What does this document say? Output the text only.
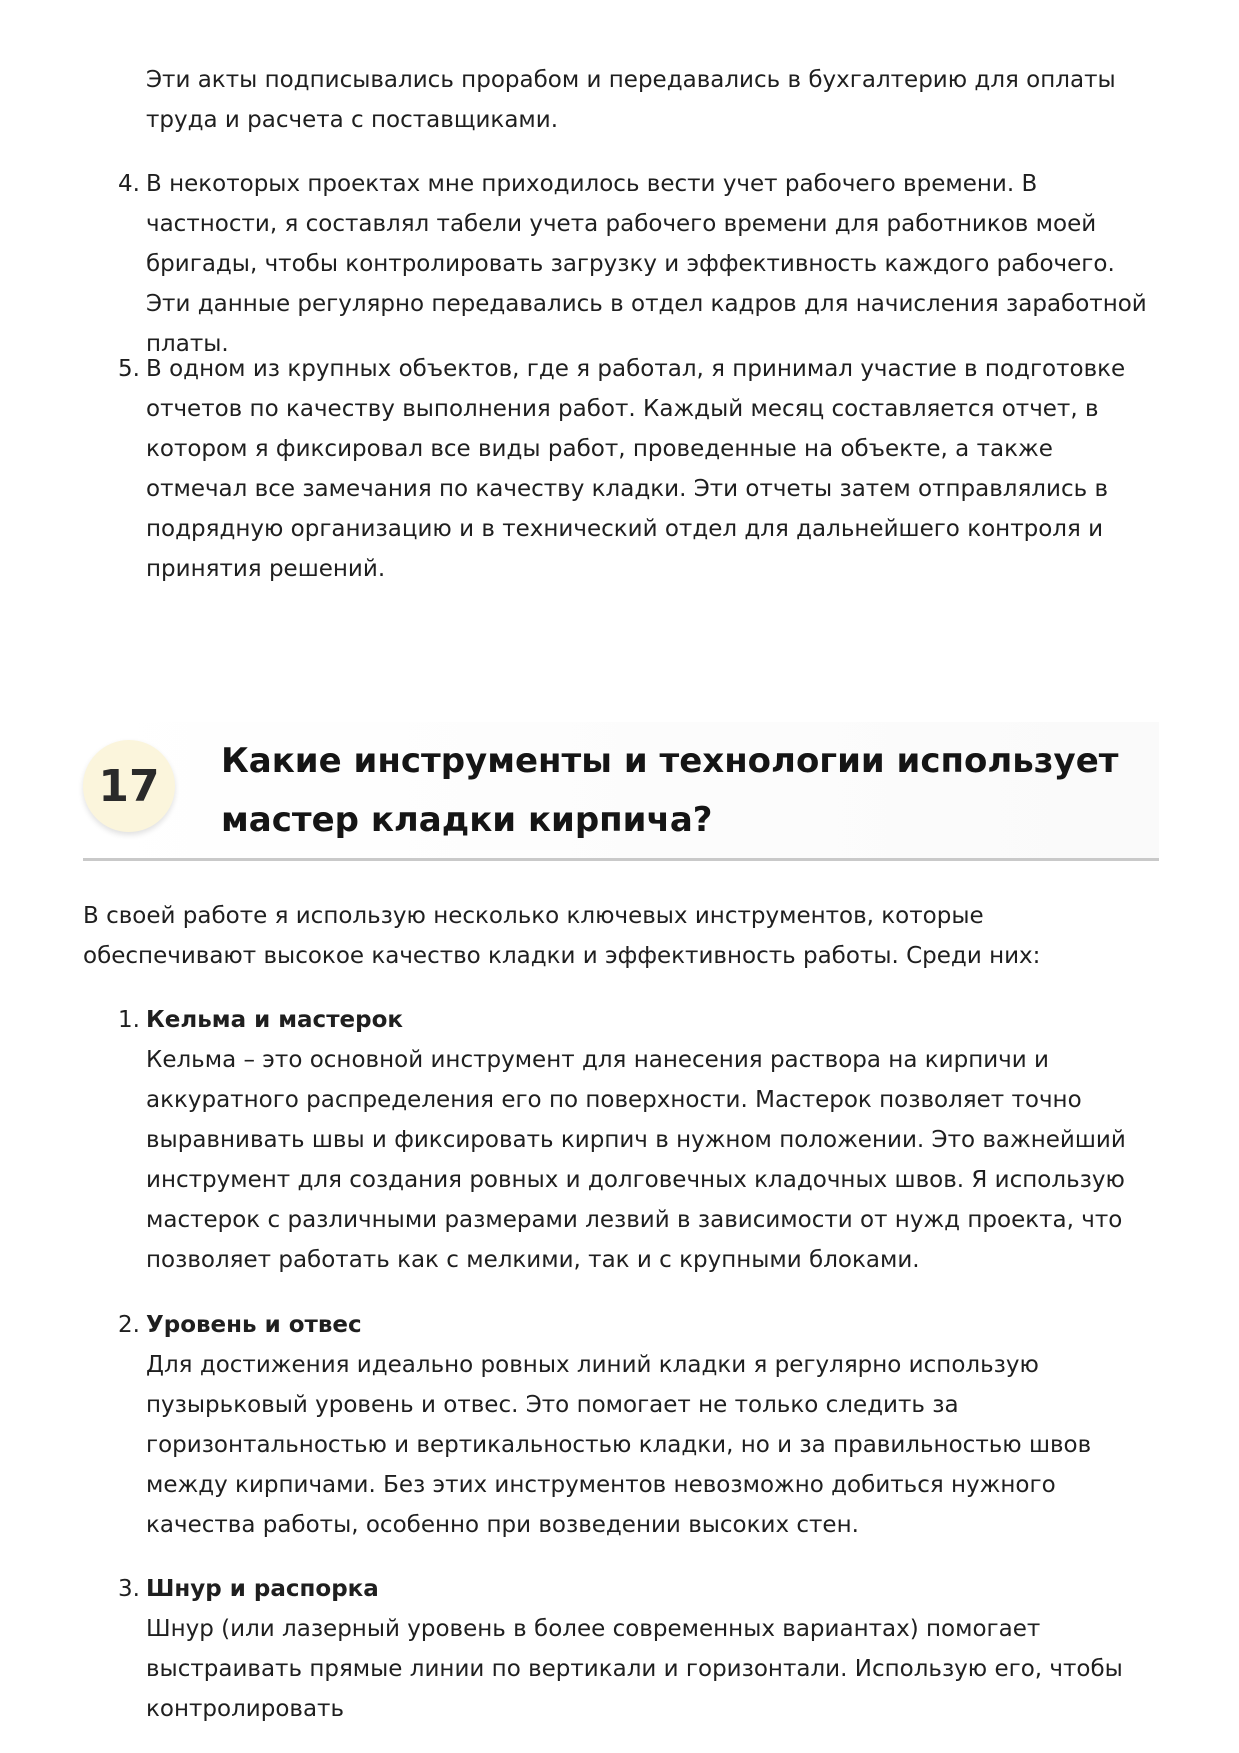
Эти акты подписывались прорабом и передавались в бухгалтерию для оплаты труда и расчета с поставщиками.

4. В некоторых проектах мне приходилось вести учет рабочего времени. В частности, я составлял табели учета рабочего времени для работников моей бригады, чтобы контролировать загрузку и эффективность каждого рабочего. Эти данные регулярно передавались в отдел кадров для начисления заработной платы.

5. В одном из крупных объектов, где я работал, я принимал участие в подготовке отчетов по качеству выполнения работ. Каждый месяц составляется отчет, в котором я фиксировал все виды работ, проведенные на объекте, а также отмечал все замечания по качеству кладки. Эти отчеты затем отправлялись в подрядную организацию и в технический отдел для дальнейшего контроля и принятия решений.

17	Какие инструменты и технологии использует мастер кладки кирпича?

В своей работе я использую несколько ключевых инструментов, которые обеспечивают высокое качество кладки и эффективность работы. Среди них:

1. Кельма и мастерок

Кельма – это основной инструмент для нанесения раствора на кирпичи и аккуратного распределения его по поверхности. Мастерок позволяет точно выравнивать швы и фиксировать кирпич в нужном положении. Это важнейший инструмент для создания ровных и долговечных кладочных швов. Я использую мастерок с различными размерами лезвий в зависимости от нужд проекта, что позволяет работать как с мелкими, так и с крупными блоками.

2. Уровень и отвес

Для достижения идеально ровных линий кладки я регулярно использую пузырьковый уровень и отвес. Это помогает не только следить за горизонтальностью и вертикальностью кладки, но и за правильностью швов между кирпичами. Без этих инструментов невозможно добиться нужного качества работы, особенно при возведении высоких стен.

3. Шнур и распорка

Шнур (или лазерный уровень в более современных вариантах) помогает выстраивать прямые линии по вертикали и горизонтали. Использую его, чтобы контролировать
